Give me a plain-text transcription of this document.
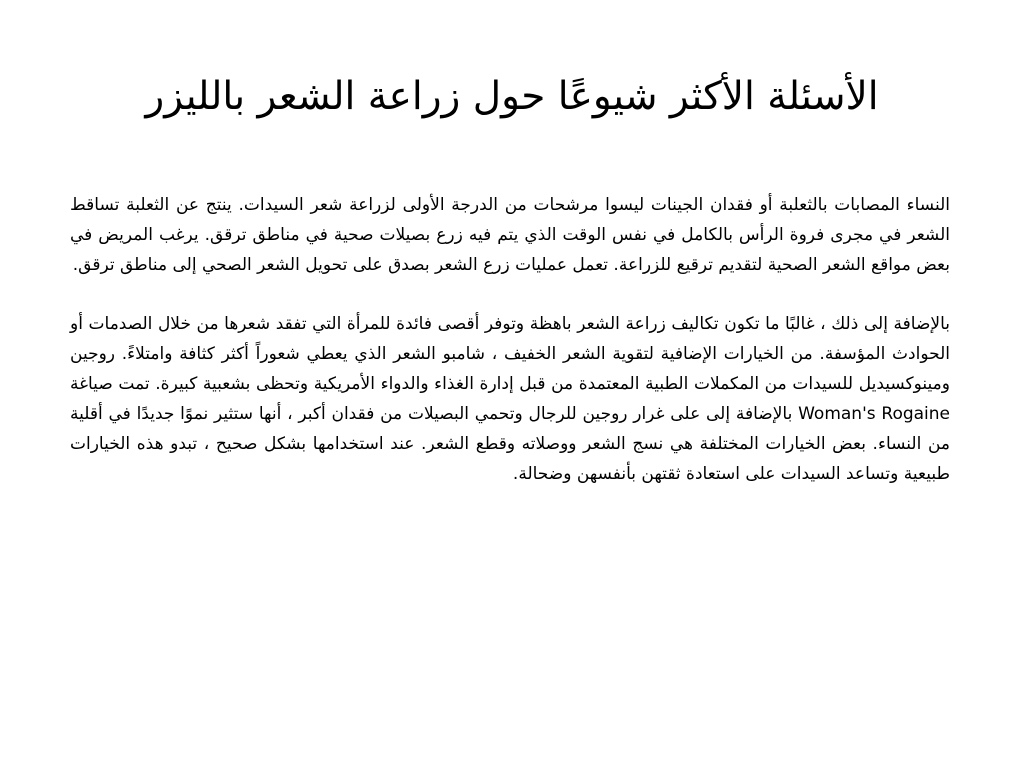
الأسئلة الأكثر شيوعًا حول زراعة الشعر بالليزر

النساء المصابات بالثعلبة أو فقدان الجينات ليسوا مرشحات من الدرجة الأولى لزراعة شعر السيدات. ينتج عن الثعلبة تساقط الشعر في مجرى فروة الرأس بالكامل في نفس الوقت الذي يتم فيه زرع بصيلات صحية في مناطق ترقق. يرغب المريض في بعض مواقع الشعر الصحية لتقديم ترقيع للزراعة. تعمل عمليات زرع الشعر بصدق على تحويل الشعر الصحي إلى مناطق ترقق.

بالإضافة إلى ذلك ، غالبًا ما تكون تكاليف زراعة الشعر باهظة وتوفر أقصى فائدة للمرأة التي تفقد شعرها من خلال الصدمات أو الحوادث المؤسفة. من الخيارات الإضافية لتقوية الشعر الخفيف ، شامبو الشعر الذي يعطي شعوراً أكثر كثافة وامتلاءً. روجين ومينوكسيديل للسيدات من المكملات الطبية المعتمدة من قبل إدارة الغذاء والدواء الأمريكية وتحظى بشعبية كبيرة. تمت صياغة Woman's Rogaine بالإضافة إلى على غرار روجين للرجال وتحمي البصيلات من فقدان أكبر ، أنها ستثير نموًا جديدًا في أقلية من النساء. بعض الخيارات المختلفة هي نسج الشعر ووصلاته وقطع الشعر. عند استخدامها بشكل صحيح ، تبدو هذه الخيارات طبيعية وتساعد السيدات على استعادة ثقتهن بأنفسهن وضحالة.
